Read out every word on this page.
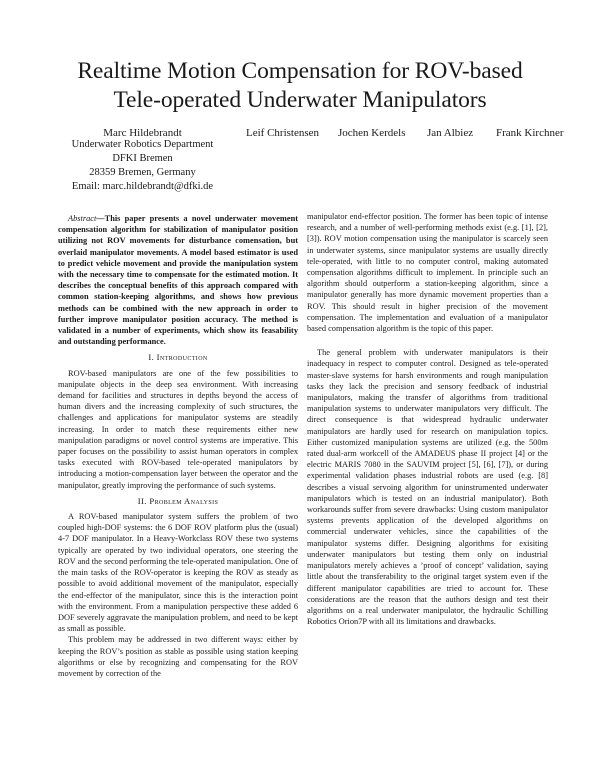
Realtime Motion Compensation for ROV-based
Tele-operated Underwater Manipulators
Marc Hildebrandt
Underwater Robotics Department
DFKI Bremen
28359 Bremen, Germany
Email: marc.hildebrandt@dfki.de
Leif Christensen Jochen Kerdels Jan Albiez Frank Kirchner

Abstract—This paper presents a novel underwater movement compensation algorithm for stabilization of manipulator position utilizing not ROV movements for disturbance comensation, but overlaid manipulator movements. A model based estimator is used to predict vehicle movement and provide the manipulation system with the necessary time to compensate for the estimated motion. It describes the conceptual benefits of this approach compared with common station-keeping algorithms, and shows how previous methods can be combined with the new approach in order to further improve manipulator position accuracy. The method is validated in a number of experiments, which show its feasability and outstanding performance.

I. Introduction

ROV-based manipulators are one of the few possibilities to manipulate objects in the deep sea environment. With increasing demand for facilities and structures in depths beyond the access of human divers and the increasing complexity of such structures, the challenges and applications for manipulator systems are steadily increasing. In order to match these requirements either new manipulation paradigms or novel control systems are imperative. This paper focuses on the possibility to assist human operators in complex tasks executed with ROV-based tele-operated manipulators by introducing a motion-compensation layer between the operator and the manipulator, greatly improving the performance of such systems.

II. Problem Analysis

A ROV-based manipulator system suffers the problem of two coupled high-DOF systems: the 6 DOF ROV platform plus the (usual) 4-7 DOF manipulator. In a Heavy-Workclass ROV these two systems typically are operated by two individual operators, one steering the ROV and the second performing the tele-operated manipulation. One of the main tasks of the ROV-operator is keeping the ROV as steady as possible to avoid additional movement of the manipulator, especially the end-effector of the manipulator, since this is the interaction point with the environment. From a manipulation perspective these added 6 DOF severely aggravate the manipulation problem, and need to be kept as small as possible.

This problem may be addressed in two different ways: either by keeping the ROV’s position as stable as possible using station keeping algorithms or else by recognizing and compensating for the ROV movement by correction of the

manipulator end-effector position. The former has been topic of intense research, and a number of well-performing methods exist (e.g. [1], [2], [3]). ROV motion compensation using the manipulator is scarcely seen in underwater systems, since manipulator systems are usually directly tele-operated, with little to no computer control, making automated compensation algorithms difficult to implement. In principle such an algorithm should outperform a station-keeping algorithm, since a manipulator generally has more dynamic movement properties than a ROV. This should result in higher precision of the movement compensation. The implementation and evaluation of a manipulator based compensation algorithm is the topic of this paper.

The general problem with underwater manipulators is their inadequacy in respect to computer control. Designed as tele-operated master-slave systems for harsh environments and rough manipulation tasks they lack the precision and sensory feedback of industrial manipulators, making the transfer of algorithms from traditional manipulation systems to underwater manipulators very difficult. The direct consequence is that widespread hydraulic underwater manipulators are hardly used for research on manipulation topics. Either customized manipulation systems are utilized (e.g. the 500m rated dual-arm workcell of the AMADEUS phase II project [4] or the electric MARIS 7080 in the SAUVIM project [5], [6], [7]), or during experimental validation phases industrial robots are used (e.g. [8] describes a visual servoing algorithm for uninstrumented underwater manipulators which is tested on an industrial manipulator). Both workarounds suffer from severe drawbacks: Using custom manipulator systems prevents application of the developed algorithms on commercial underwater vehicles, since the capabilities of the manipulator systems differ. Designing algorithms for exisiting underwater manipulators but testing them only on industrial manipulators merely achieves a ’proof of concept’ validation, saying little about the transferability to the original target system even if the different manipulator capabilities are tried to account for. These considerations are the reason that the authors design and test their algorithms on a real underwater manipulator, the hydraulic Schilling Robotics Orion7P with all its limitations and drawbacks.
